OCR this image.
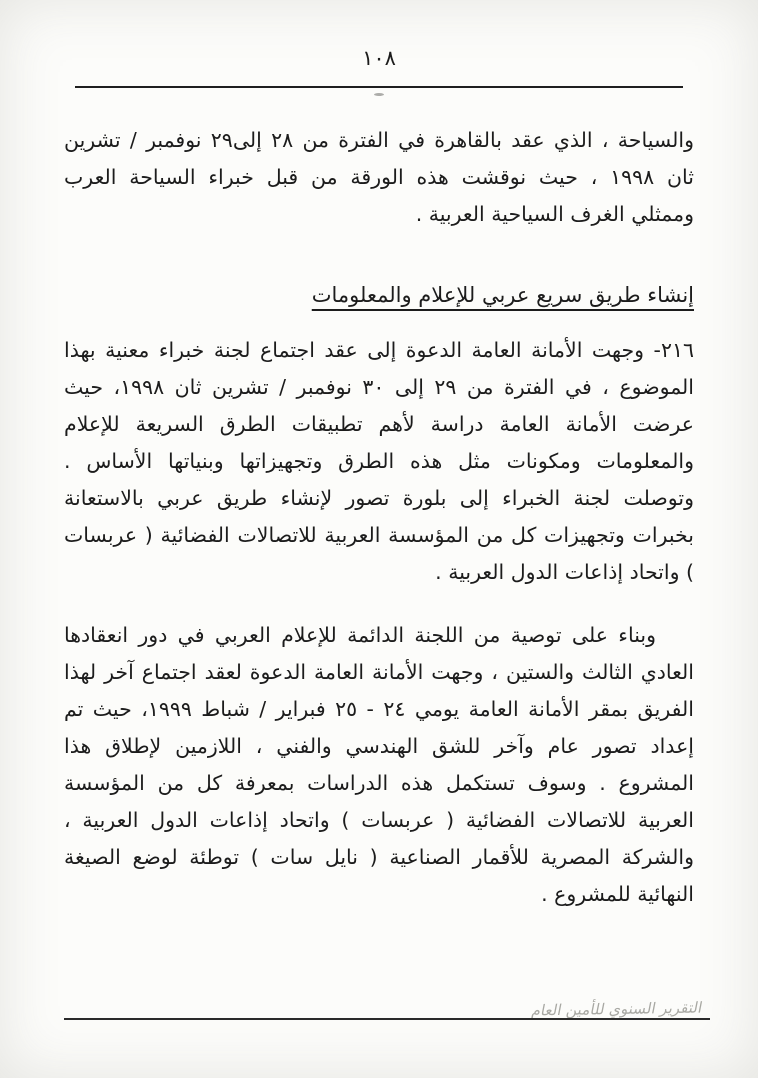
١٠٨

والسياحة ، الذي عقد بالقاهرة في الفترة من ٢٨ إلى٢٩ نوفمبر / تشرين ثان ١٩٩٨ ، حيث نوقشت هذه الورقة من قبل خبراء السياحة العرب وممثلي الغرف السياحية العربية .

إنشاء طريق سريع عربي للإعلام والمعلومات

٢١٦- وجهت الأمانة العامة الدعوة إلى عقد اجتماع لجنة خبراء معنية بهذا الموضوع ، في الفترة من ٢٩ إلى ٣٠ نوفمبر / تشرين ثان ١٩٩٨، حيث عرضت الأمانة العامة دراسة لأهم تطبيقات الطرق السريعة للإعلام والمعلومات ومكونات مثل هذه الطرق وتجهيزاتها وبنياتها الأساس . وتوصلت لجنة الخبراء إلى بلورة تصور لإنشاء طريق عربي بالاستعانة بخبرات وتجهيزات كل من المؤسسة العربية للاتصالات الفضائية ( عربسات ) واتحاد إذاعات الدول العربية .

وبناء على توصية من اللجنة الدائمة للإعلام العربي في دور انعقادها العادي الثالث والستين ، وجهت الأمانة العامة الدعوة لعقد اجتماع آخر لهذا الفريق بمقر الأمانة العامة يومي ٢٤ - ٢٥ فبراير / شباط ١٩٩٩، حيث تم إعداد تصور عام وآخر للشق الهندسي والفني ، اللازمين لإطلاق هذا المشروع . وسوف تستكمل هذه الدراسات بمعرفة كل من المؤسسة العربية للاتصالات الفضائية ( عربسات ) واتحاد إذاعات الدول العربية ، والشركة المصرية للأقمار الصناعية ( نايل سات ) توطئة لوضع الصيغة النهائية للمشروع .

التقرير السنوي للأمين العام
